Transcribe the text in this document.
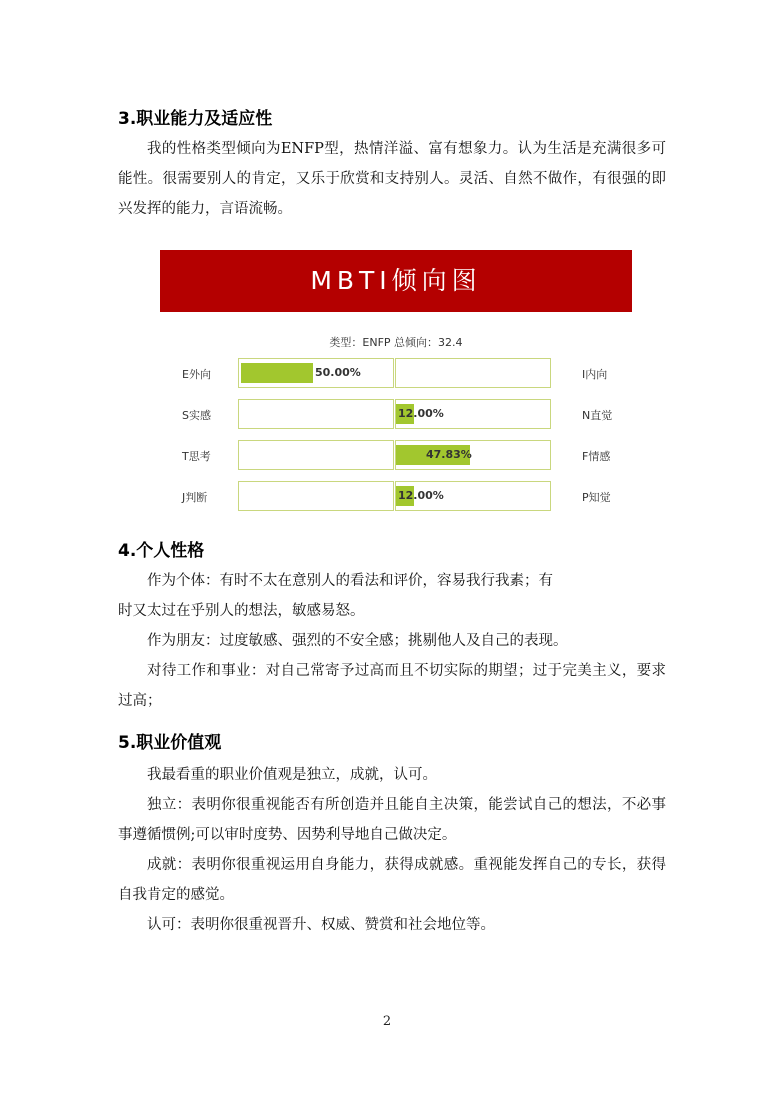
3.职业能力及适应性

我的性格类型倾向为ENFP型，热情洋溢、富有想象力。认为生活是充满很多可能性。很需要别人的肯定，又乐于欣赏和支持别人。灵活、自然不做作，有很强的即兴发挥的能力，言语流畅。

MBTI倾向图
类型：ENFP 总倾向：32.4
E外向	50.00%	I内向
S实感	12.00%	N直觉
T思考	47.83%	F情感
J判断	12.00%	P知觉
4.个人性格

作为个体：有时不太在意别人的看法和评价，容易我行我素；有

时又太过在乎别人的想法，敏感易怒。

作为朋友：过度敏感、强烈的不安全感；挑剔他人及自己的表现。

对待工作和事业：对自己常寄予过高而且不切实际的期望；过于完美主义，要求过高；

5.职业价值观

我最看重的职业价值观是独立，成就，认可。

独立：表明你很重视能否有所创造并且能自主决策，能尝试自己的想法，不必事事遵循惯例;可以审时度势、因势利导地自己做决定。

成就：表明你很重视运用自身能力，获得成就感。重视能发挥自己的专长，获得自我肯定的感觉。

认可：表明你很重视晋升、权威、赞赏和社会地位等。

2
